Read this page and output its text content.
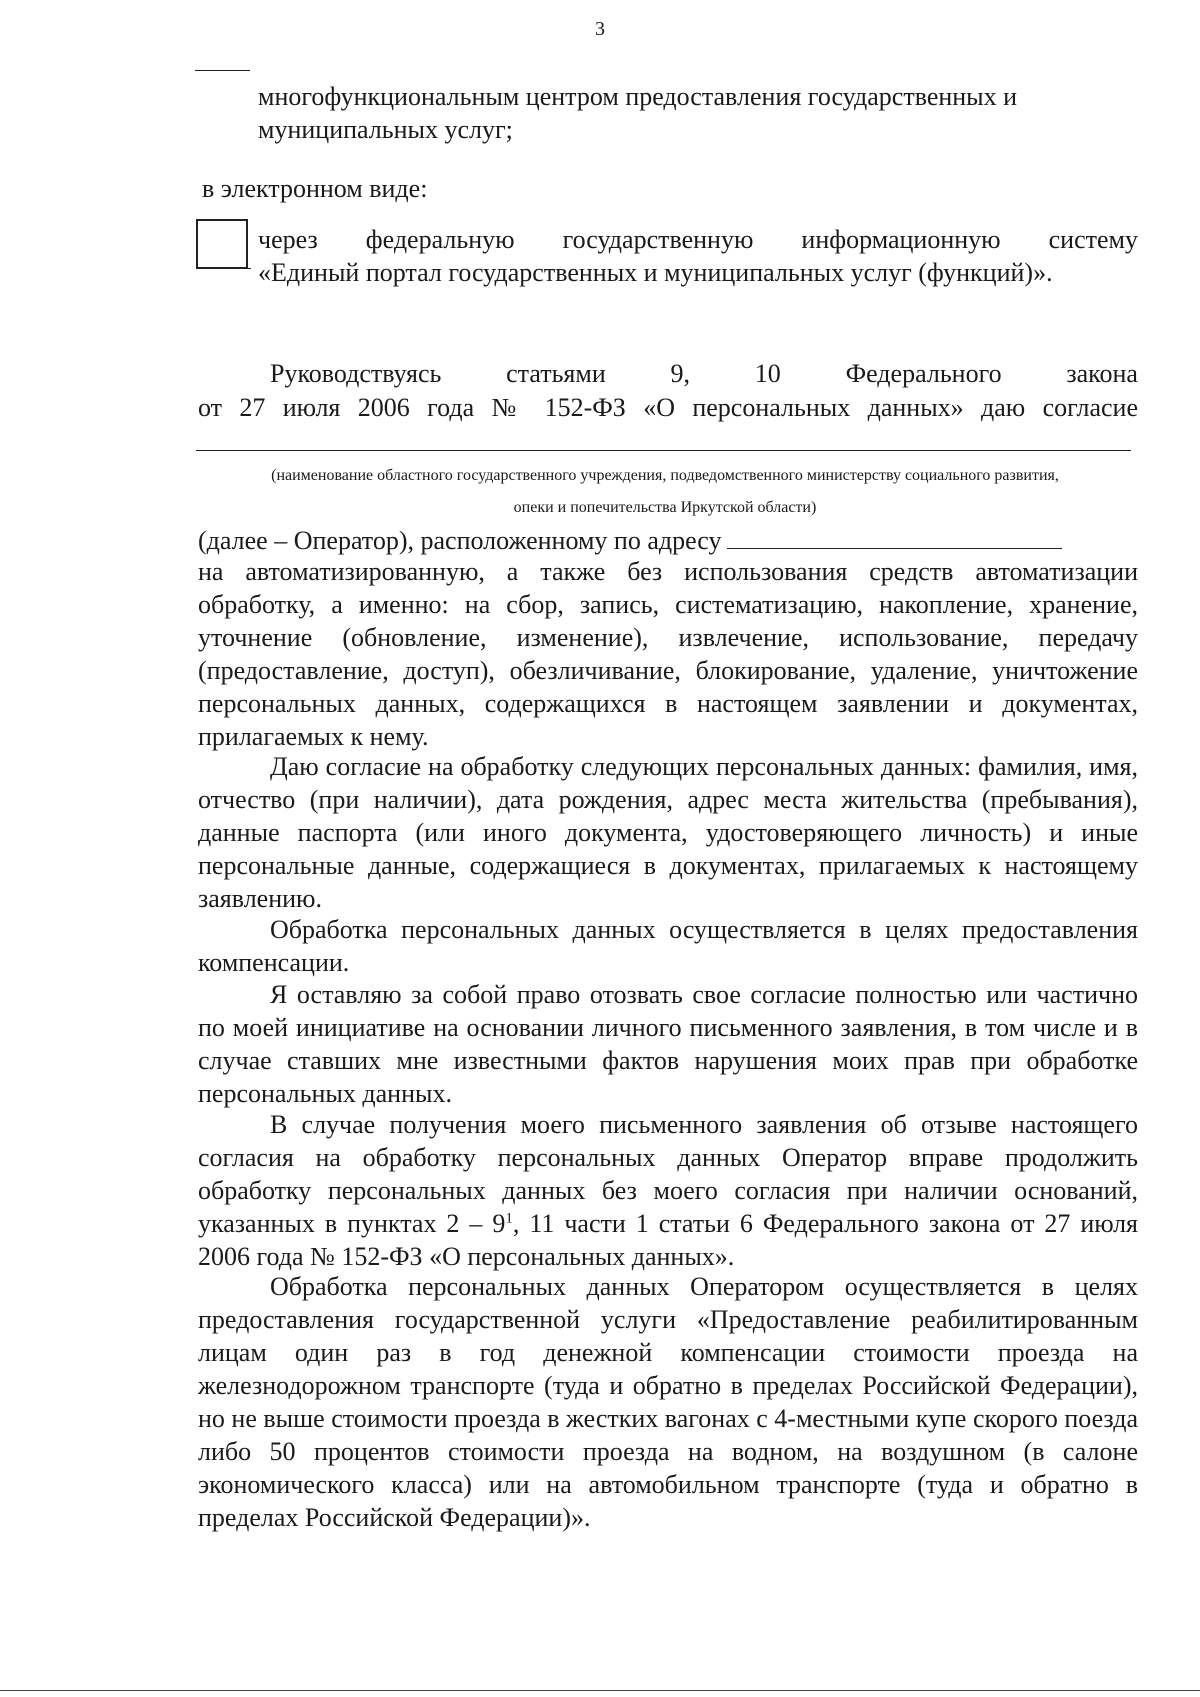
3

многофункциональным центром предоставления государственных и муниципальных услуг;

в электронном виде:

через федеральную государственную информационную систему

«Единый портал государственных и муниципальных услуг (функций)».

Руководствуясь статьями 9, 10 Федерального закона

от 27 июля 2006 года № 152-ФЗ «О персональных данных» даю согласие

(наименование областного государственного учреждения, подведомственного министерству социального развития,

опеки и попечительства Иркутской области)

(далее – Оператор), расположенному по адресу

на автоматизированную, а также без использования средств автоматизации обработку, а именно: на сбор, запись, систематизацию, накопление, хранение, уточнение (обновление, изменение), извлечение, использование, передачу (предоставление, доступ), обезличивание, блокирование, удаление, уничтожение персональных данных, содержащихся в настоящем заявлении и документах, прилагаемых к нему.

Даю согласие на обработку следующих персональных данных: фамилия, имя, отчество (при наличии), дата рождения, адрес места жительства (пребывания), данные паспорта (или иного документа, удостоверяющего личность) и иные персональные данные, содержащиеся в документах, прилагаемых к настоящему заявлению.

Обработка персональных данных осуществляется в целях предоставления компенсации.

Я оставляю за собой право отозвать свое согласие полностью или частично по моей инициативе на основании личного письменного заявления, в том числе и в случае ставших мне известными фактов нарушения моих прав при обработке персональных данных.

В случае получения моего письменного заявления об отзыве настоящего согласия на обработку персональных данных Оператор вправе продолжить обработку персональных данных без моего согласия при наличии оснований, указанных в пунктах $2 - 9^1$, 11 части 1 статьи 6 Федерального закона от 27 июля 2006 года № 152-ФЗ «О персональных данных».

Обработка персональных данных Оператором осуществляется в целях предоставления государственной услуги «Предоставление реабилитированным лицам один раз в год денежной компенсации стоимости проезда на железнодорожном транспорте (туда и обратно в пределах Российской Федерации), но не выше стоимости проезда в жестких вагонах с 4-местными купе скорого поезда либо 50 процентов стоимости проезда на водном, на воздушном (в салоне экономического класса) или на автомобильном транспорте (туда и обратно в пределах Российской Федерации)».
